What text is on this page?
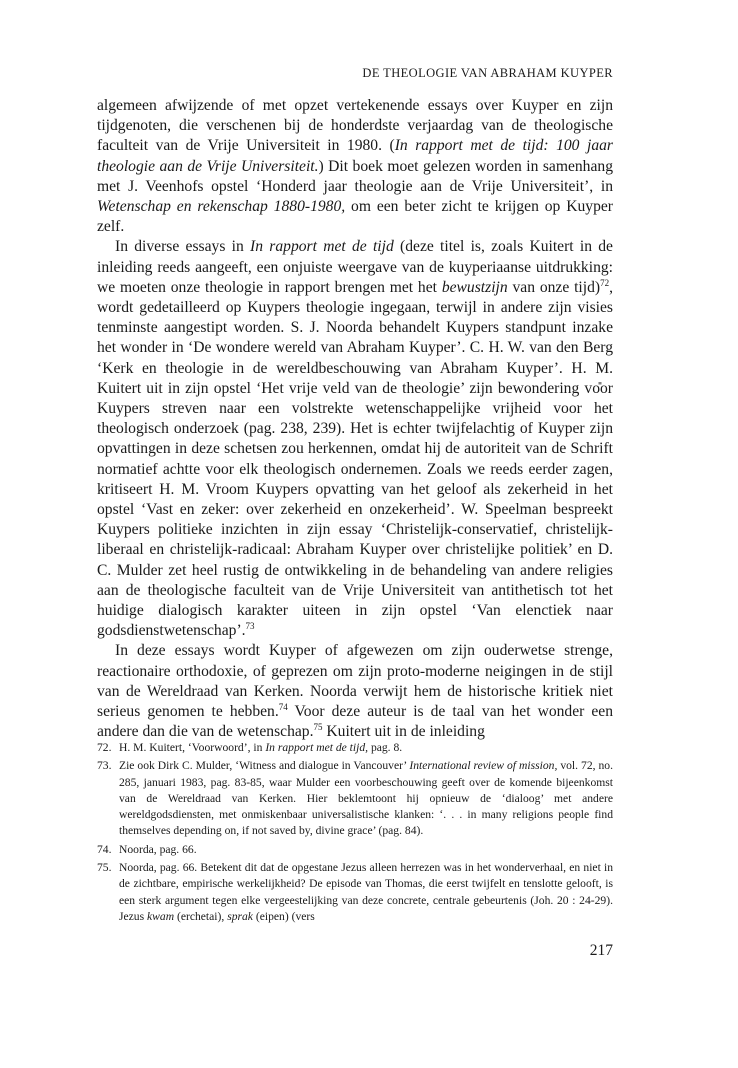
DE THEOLOGIE VAN ABRAHAM KUYPER

algemeen afwijzende of met opzet vertekenende essays over Kuyper en zijn tijdgenoten, die verschenen bij de honderdste verjaardag van de theologische faculteit van de Vrije Universiteit in 1980. (In rapport met de tijd: 100 jaar theologie aan de Vrije Universiteit.) Dit boek moet gelezen worden in samenhang met J. Veenhofs opstel ‘Honderd jaar theologie aan de Vrije Universiteit’, in Wetenschap en rekenschap 1880-1980, om een beter zicht te krijgen op Kuyper zelf.

In diverse essays in In rapport met de tijd (deze titel is, zoals Kuitert in de inleiding reeds aangeeft, een onjuiste weergave van de kuyperiaanse uitdrukking: we moeten onze theologie in rapport brengen met het bewustzijn van onze tijd)$^{72}$, wordt gedetailleerd op Kuypers theologie ingegaan, terwijl in andere zijn visies tenminste aangestipt worden. S. J. Noorda behandelt Kuypers standpunt inzake het wonder in ‘De wondere wereld van Abraham Kuyper’. C. H. W. van den Berg ‘Kerk en theologie in de wereldbeschouwing van Abraham Kuyper’. H. M. Kuitert uit in zijn opstel ‘Het vrije veld van de theologie’ zijn bewondering vo̎or Kuypers streven naar een volstrekte wetenschappelijke vrijheid voor het theologisch onderzoek (pag. 238, 239). Het is echter twijfelachtig of Kuyper zijn opvattingen in deze schetsen zou herkennen, omdat hij de autoriteit van de Schrift normatief achtte voor elk theologisch ondernemen. Zoals we reeds eerder zagen, kritiseert H. M. Vroom Kuypers opvatting van het geloof als zekerheid in het opstel ‘Vast en zeker: over zekerheid en onzekerheid’. W. Speelman bespreekt Kuypers politieke inzichten in zijn essay ‘Christelijk-conservatief, christelijk-liberaal en christelijk-radicaal: Abraham Kuyper over christelijke politiek’ en D. C. Mulder zet heel rustig de ontwikkeling in de behandeling van andere religies aan de theologische faculteit van de Vrije Universiteit van antithetisch tot het huidige dialogisch karakter uiteen in zijn opstel ‘Van elenctiek naar godsdienstwetenschap’.$^{73}$

In deze essays wordt Kuyper of afgewezen om zijn ouderwetse strenge, reactionaire orthodoxie, of geprezen om zijn proto-moderne neigingen in de stijl van de Wereldraad van Kerken. Noorda verwijt hem de historische kritiek niet serieus genomen te hebben.$^{74}$ Voor deze auteur is de taal van het wonder een andere dan die van de wetenschap.$^{75}$ Kuitert uit in de inleiding

72. H. M. Kuitert, ‘Voorwoord’, in In rapport met de tijd, pag. 8.
73. Zie ook Dirk C. Mulder, ‘Witness and dialogue in Vancouver’ International review of mission, vol. 72, no. 285, januari 1983, pag. 83-85, waar Mulder een voorbeschouwing geeft over de komende bijeenkomst van de Wereldraad van Kerken. Hier beklemtoont hij opnieuw de ‘dialoog’ met andere wereldgodsdiensten, met onmiskenbaar universalistische klanken: ‘. . . in many religions people find themselves depending on, if not saved by, divine grace’ (pag. 84).
74. Noorda, pag. 66.
75. Noorda, pag. 66. Betekent dit dat de opgestane Jezus alleen herrezen was in het wonderverhaal, en niet in de zichtbare, empirische werkelijkheid? De episode van Thomas, die eerst twijfelt en tenslotte gelooft, is een sterk argument tegen elke vergeestelijking van deze concrete, centrale gebeurtenis (Joh. 20 : 24-29). Jezus kwam (erchetai), sprak (eipen) (vers
217
